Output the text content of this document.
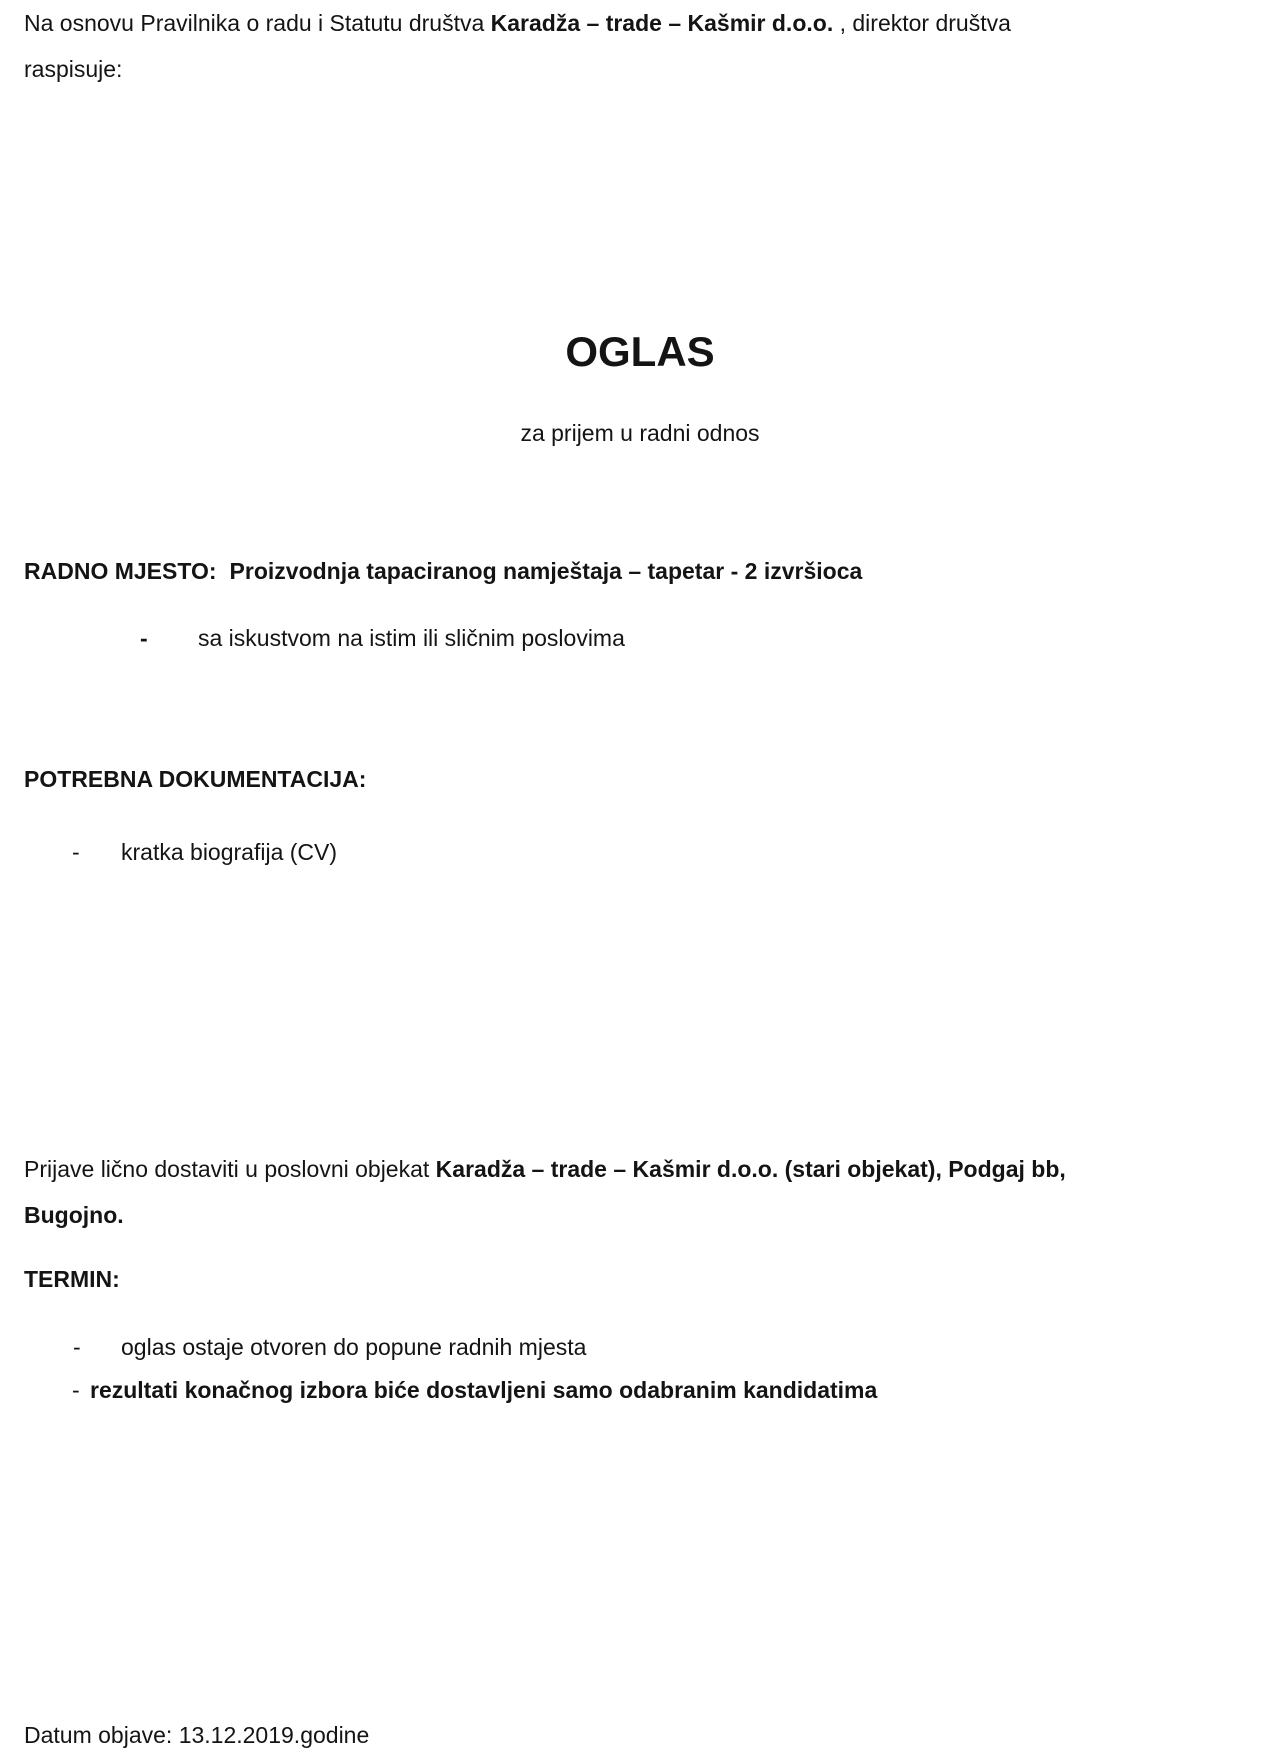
Na osnovu Pravilnika o radu i Statutu društva Karadža – trade – Kašmir d.o.o. , direktor društva
raspisuje:

OGLAS
za prijem u radni odnos

RADNO MJESTO: Proizvodnja tapaciranog namještaja – tapetar - 2 izvršioca

- sa iskustvom na istim ili sličnim poslovima

POTREBNA DOKUMENTACIJA:

- kratka biografija (CV)

Prijave lično dostaviti u poslovni objekat Karadža – trade – Kašmir d.o.o. (stari objekat), Podgaj bb,
Bugojno.

TERMIN:

- oglas ostaje otvoren do popune radnih mjesta
- rezultati konačnog izbora biće dostavljeni samo odabranim kandidatima

Datum objave: 13.12.2019.godine
